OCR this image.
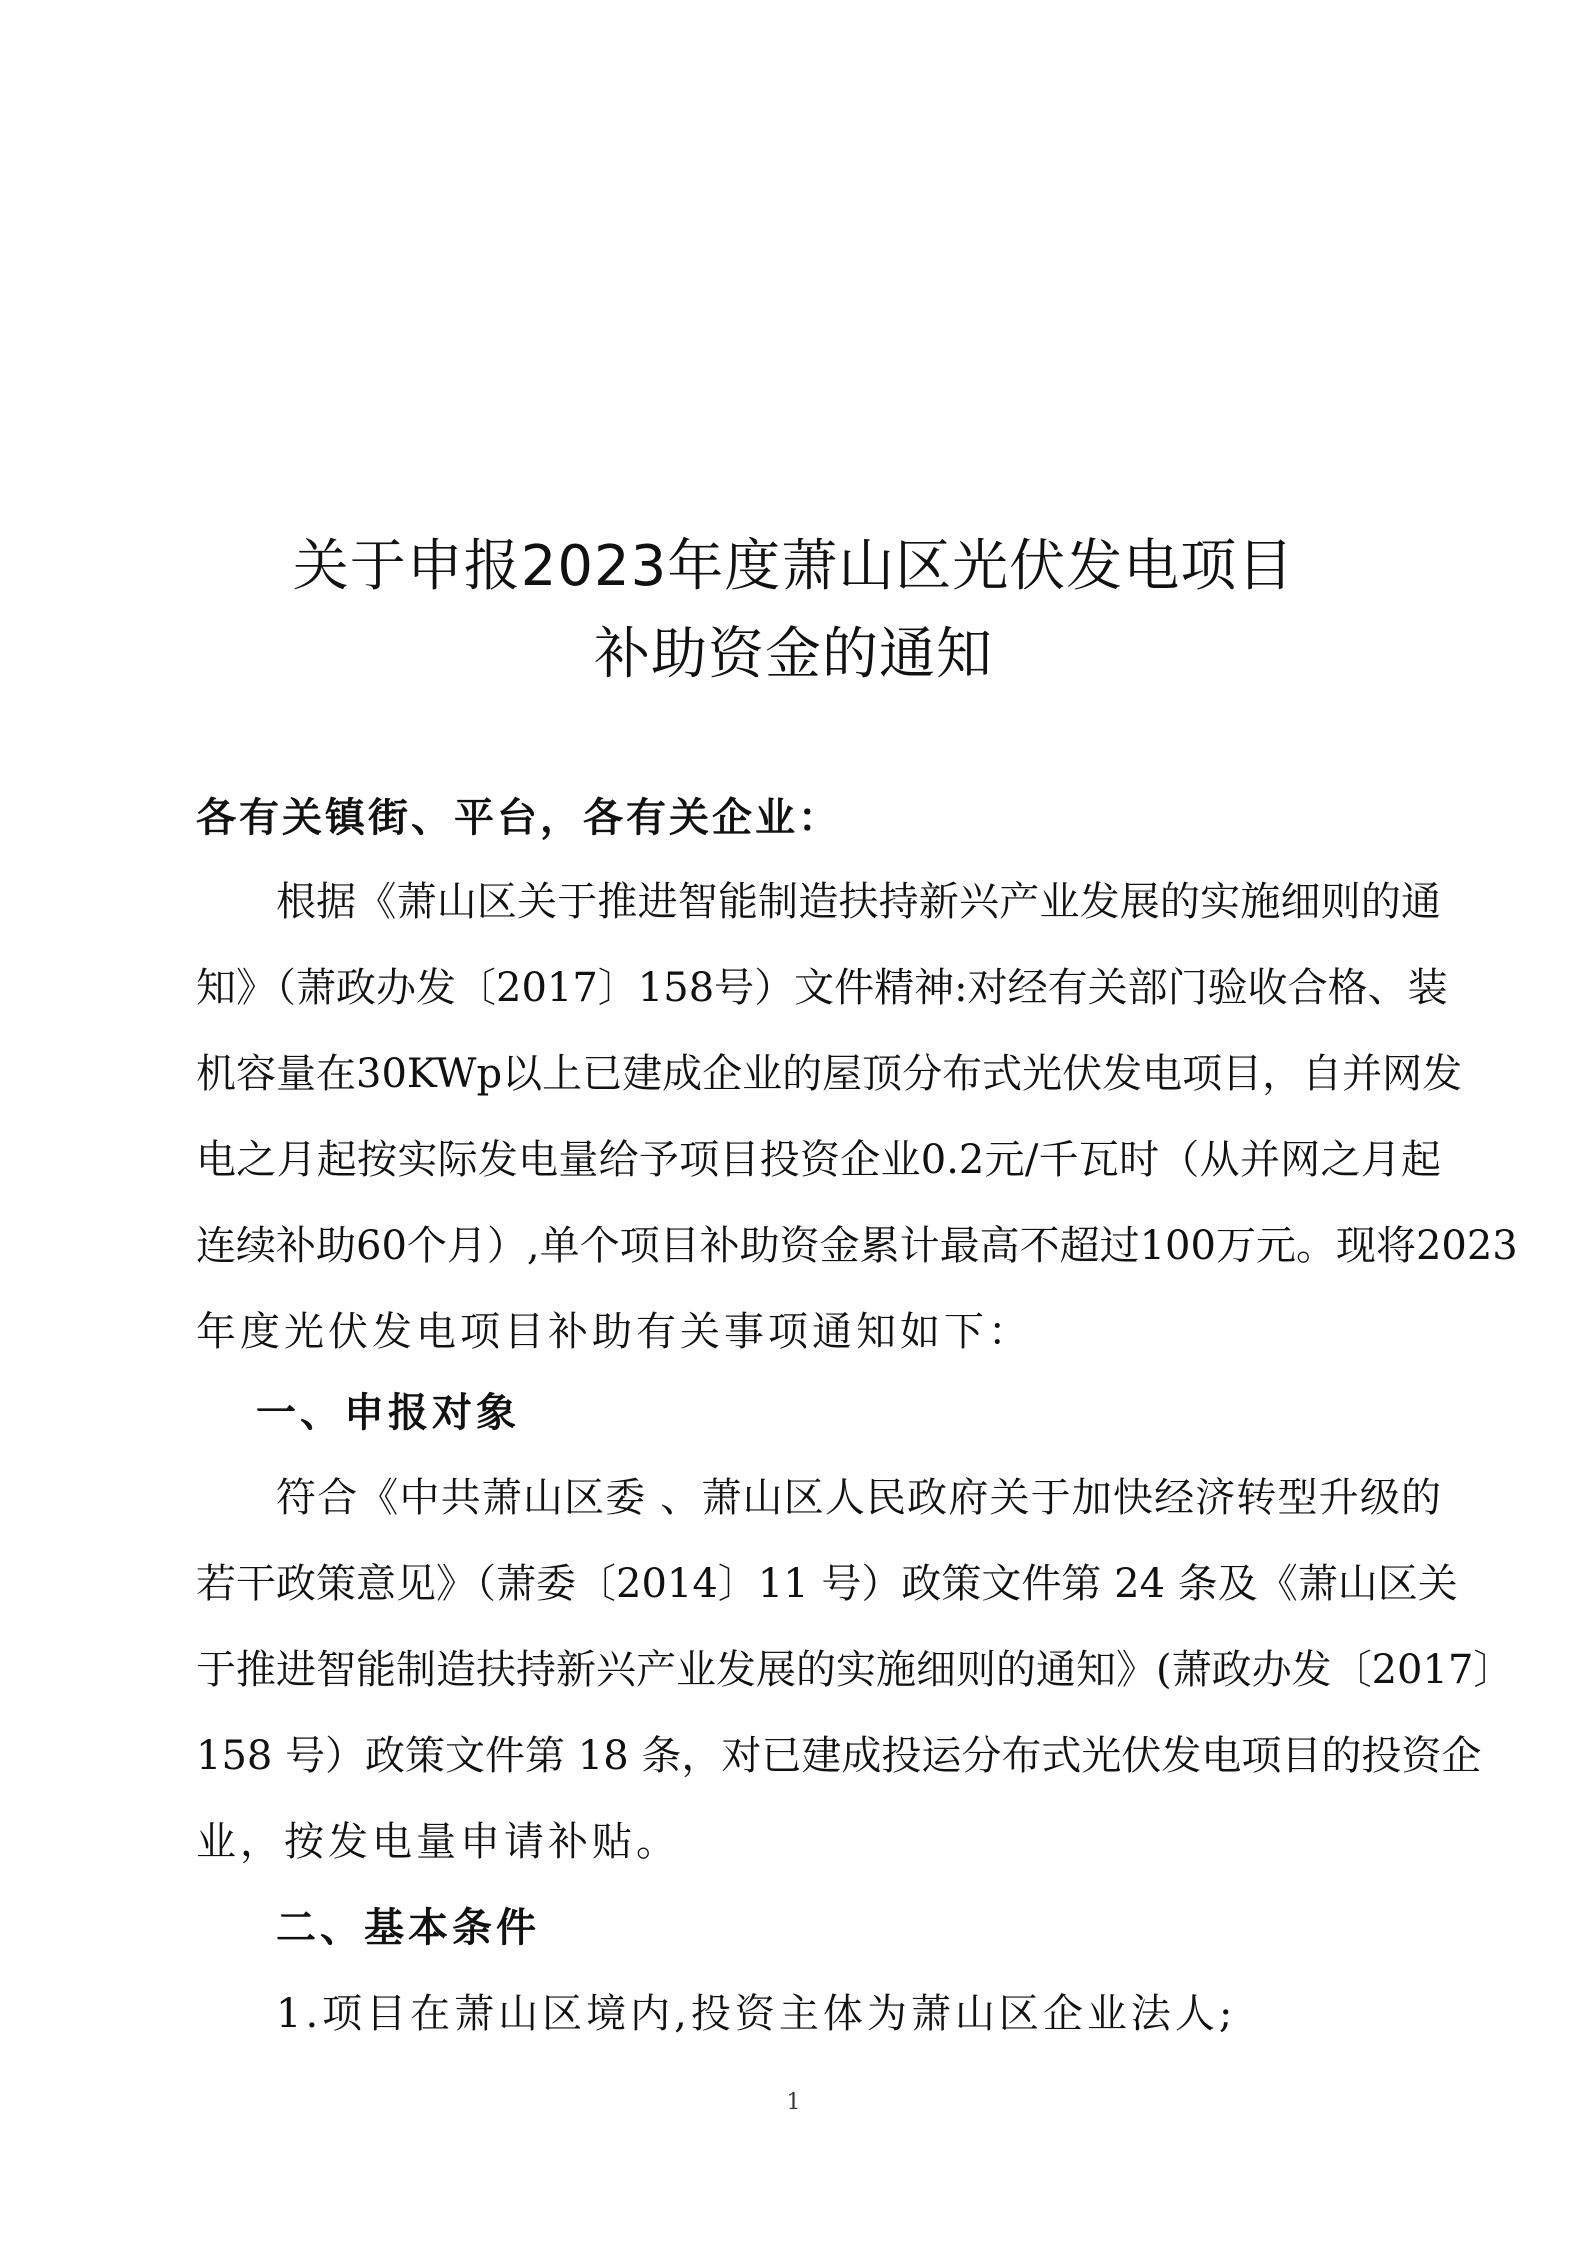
关于申报2023年度萧山区光伏发电项目
补助资金的通知
各有关镇街、平台，各有关企业：
根据《萧山区关于推进智能制造扶持新兴产业发展的实施细则的通
知》（萧政办发〔2017〕158号）文件精神:对经有关部门验收合格、装
机容量在30KWp以上已建成企业的屋顶分布式光伏发电项目，自并网发
电之月起按实际发电量给予项目投资企业0.2元/千瓦时（从并网之月起
连续补助60个月）,单个项目补助资金累计最高不超过100万元。现将2023
年度光伏发电项目补助有关事项通知如下：
一、申报对象
符合《中共萧山区委 、萧山区人民政府关于加快经济转型升级的
若干政策意见》（萧委〔2014〕11 号）政策文件第 24 条及《萧山区关
于推进智能制造扶持新兴产业发展的实施细则的通知》(萧政办发〔2017〕
158 号）政策文件第 18 条，对已建成投运分布式光伏发电项目的投资企
二、基本条件
1.项目在萧山区境内,投资主体为萧山区企业法人;
1
业，按发电量申请补贴。
